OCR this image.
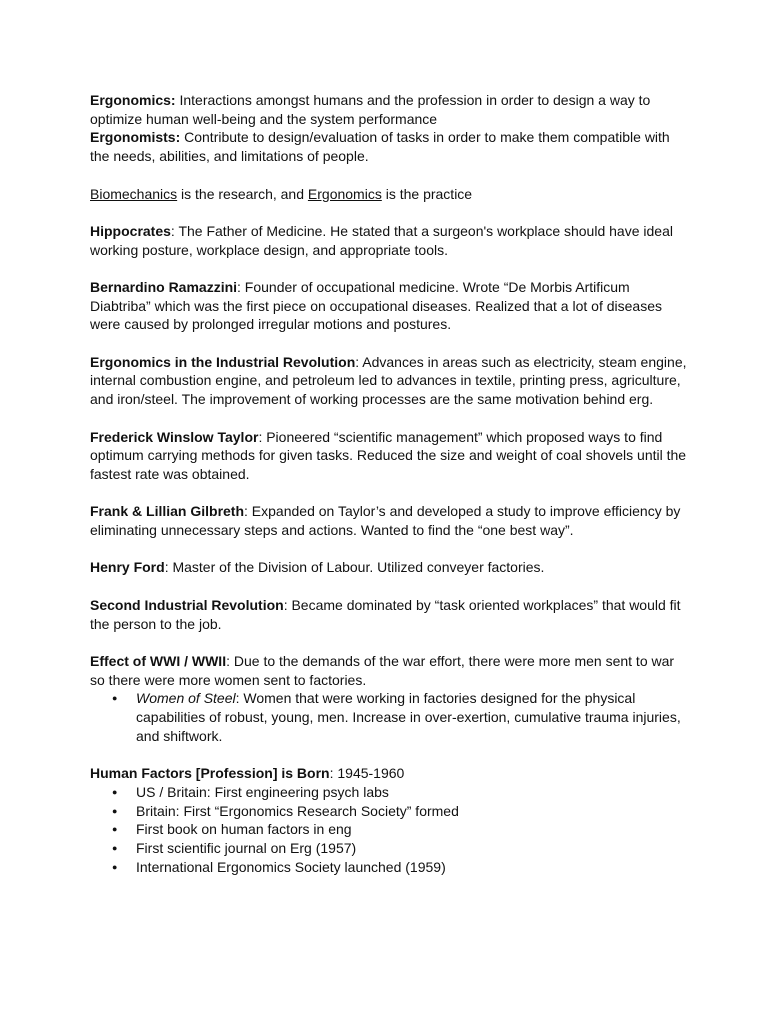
Ergonomics: Interactions amongst humans and the profession in order to design a way to optimize human well-being and the system performance

Ergonomists: Contribute to design/evaluation of tasks in order to make them compatible with the needs, abilities, and limitations of people.

Biomechanics is the research, and Ergonomics is the practice

Hippocrates: The Father of Medicine. He stated that a surgeon's workplace should have ideal working posture, workplace design, and appropriate tools.

Bernardino Ramazzini: Founder of occupational medicine. Wrote “De Morbis Artificum Diabtriba” which was the first piece on occupational diseases. Realized that a lot of diseases were caused by prolonged irregular motions and postures.

Ergonomics in the Industrial Revolution: Advances in areas such as electricity, steam engine, internal combustion engine, and petroleum led to advances in textile, printing press, agriculture, and iron/steel. The improvement of working processes are the same motivation behind erg.

Frederick Winslow Taylor: Pioneered “scientific management” which proposed ways to find optimum carrying methods for given tasks. Reduced the size and weight of coal shovels until the fastest rate was obtained.

Frank & Lillian Gilbreth: Expanded on Taylor’s and developed a study to improve efficiency by eliminating unnecessary steps and actions. Wanted to find the “one best way”.

Henry Ford: Master of the Division of Labour. Utilized conveyer factories.

Second Industrial Revolution: Became dominated by “task oriented workplaces” that would fit the person to the job.

Effect of WWI / WWII: Due to the demands of the war effort, there were more men sent to war so there were more women sent to factories.

● Women of Steel: Women that were working in factories designed for the physical capabilities of robust, young, men. Increase in over-exertion, cumulative trauma injuries, and shiftwork.

Human Factors [Profession] is Born: 1945-1960

● US / Britain: First engineering psych labs
● Britain: First “Ergonomics Research Society” formed
● First book on human factors in eng
● First scientific journal on Erg (1957)
● International Ergonomics Society launched (1959)
